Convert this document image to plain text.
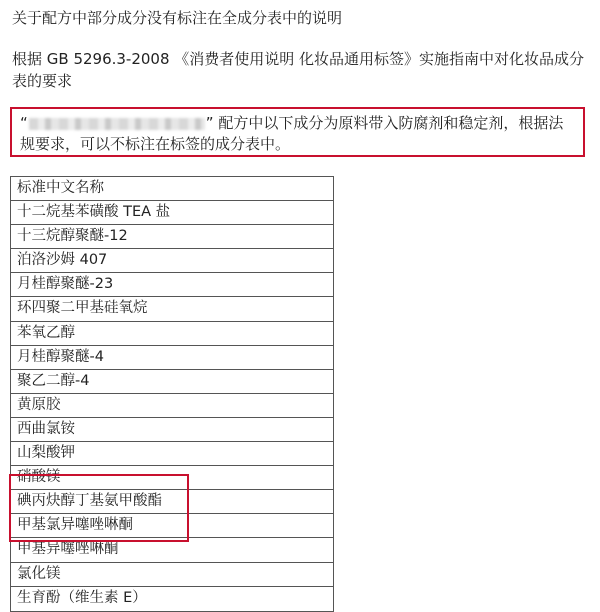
关于配方中部分成分没有标注在全成分表中的说明
根据 GB 5296.3-2008 《消费者使用说明 化妆品通用标签》实施指南中对化妆品成分表的要求
“	” 配方中以下成分为原料带入防腐剂和稳定剂，根据法规要求，可以不标注在标签的成分表中。
标准中文名称
十二烷基苯磺酸 TEA 盐
十三烷醇聚醚-12
泊洛沙姆 407
月桂醇聚醚-23
环四聚二甲基硅氧烷
苯氧乙醇
月桂醇聚醚-4
聚乙二醇-4
黄原胶
西曲氯铵
山梨酸钾
硝酸镁
碘丙炔醇丁基氨甲酸酯
甲基氯异噻唑啉酮
甲基异噻唑啉酮
氯化镁
生育酚（维生素 E）
